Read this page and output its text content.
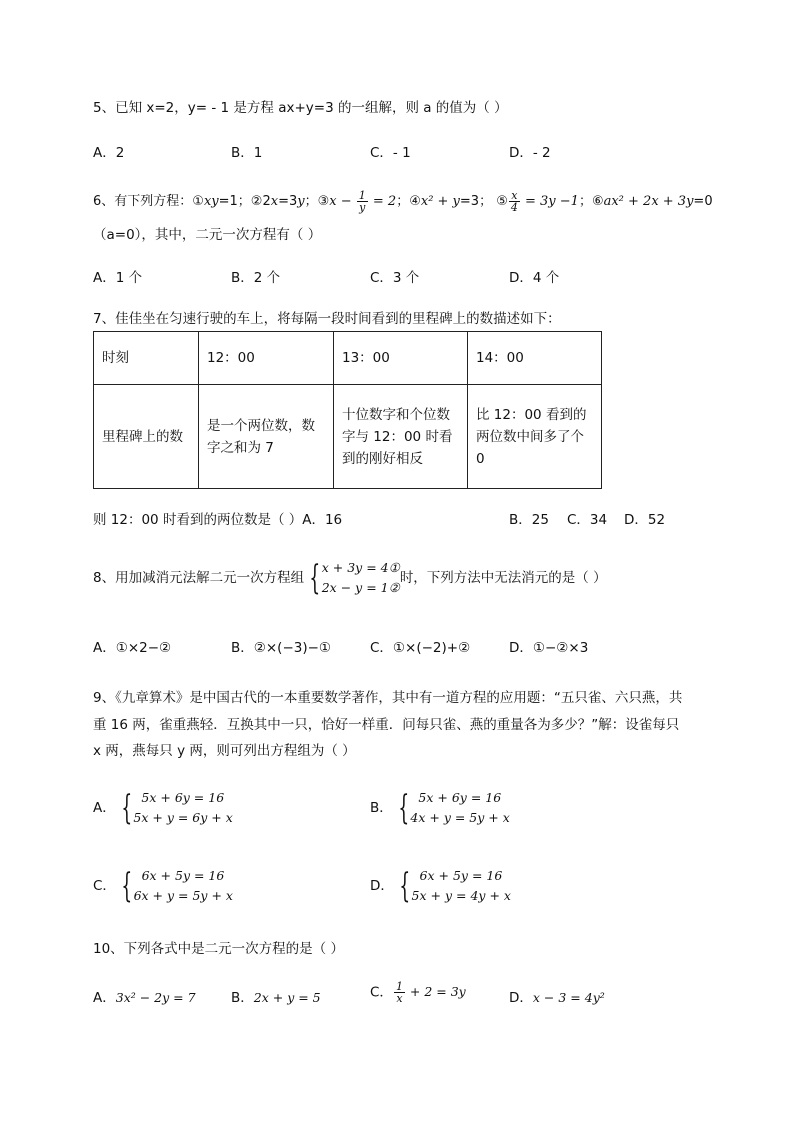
5、已知 x=2，y= - 1 是方程 ax+y=3 的一组解，则 a 的值为（ ）
A．2	B．1	C．- 1	D．- 2
6、有下列方程：①xy=1；②2x=3y；③x − $\frac{1}{y} = 2$；④x² + y=3； ⑤ $\frac{x}{4} = 3y -1$；⑥ax² + 2x + 3y=0
（a=0），其中，二元一次方程有（ ）
A．1 个	B．2 个	C．3 个	D．4 个
7、佳佳坐在匀速行驶的车上，将每隔一段时间看到的里程碑上的数描述如下：
时刻	12：00	13：00	14：00
里程碑上的数	是一个两位数，数字之和为 7	十位数字和个位数字与 12：00 时看到的刚好相反	比 12：00 看到的两位数中间多了个 0
则 12：00 时看到的两位数是（ ）A．16	B．25 C．34 D．52
8、用加减消元法解二元一次方程组 { x + 3y = 4①
2x − y = 1②
时，下列方法中无法消元的是（ ）
A．①×2−②	B．②×(−3)−①	C．①×(−2)+②	D．①−②×3
9、《九章算术》是中国古代的一本重要数学著作，其中有一道方程的应用题：“五只雀、六只燕，共
重 16 两，雀重燕轻．互换其中一只，恰好一样重．问每只雀、燕的重量各为多少？”解：设雀每只
x 两，燕每只 y 两，则可列出方程组为（ ）
A． { 5x + 6y = 16
5x + y = 6y + x
B． { 5x + 6y = 16
4x + y = 5y + x
C． { 6x + 5y = 16
6x + y = 5y + x
D． { 6x + 5y = 16
5x + y = 4y + x
10、下列各式中是二元一次方程的是（ ）
A．3x² − 2y = 7	B．2x + y = 5	C． $\frac{1}{x} + 2 = 3y$	D．x − 3 = 4y²
